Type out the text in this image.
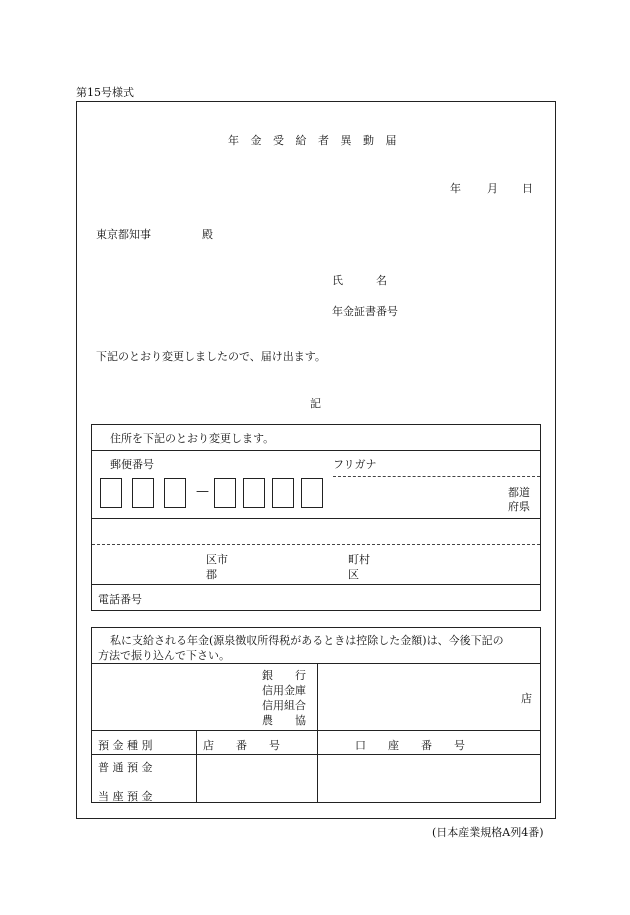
第15号様式
年 金 受 給 者 異 動 届
年 月 日
東京都知事	殿
氏　　　名
年金証書番号
下記のとおり変更しましたので、届け出ます。
記
住所を下記のとおり変更します。
郵便番号	フリガナ
—	都道
府県
区市
郡
町村
区
電話番号
私に支給される年金(源泉徴収所得税があるときは控除した金額)は、今後下記の
方法で振り込んで下さい。
銀　　行
信用金庫
信用組合
農　　協
店
預 金 種 別	店　　番　　号	口　　座　　番　　号
普 通 預 金
当 座 預 金
(日本産業規格A列4番)
